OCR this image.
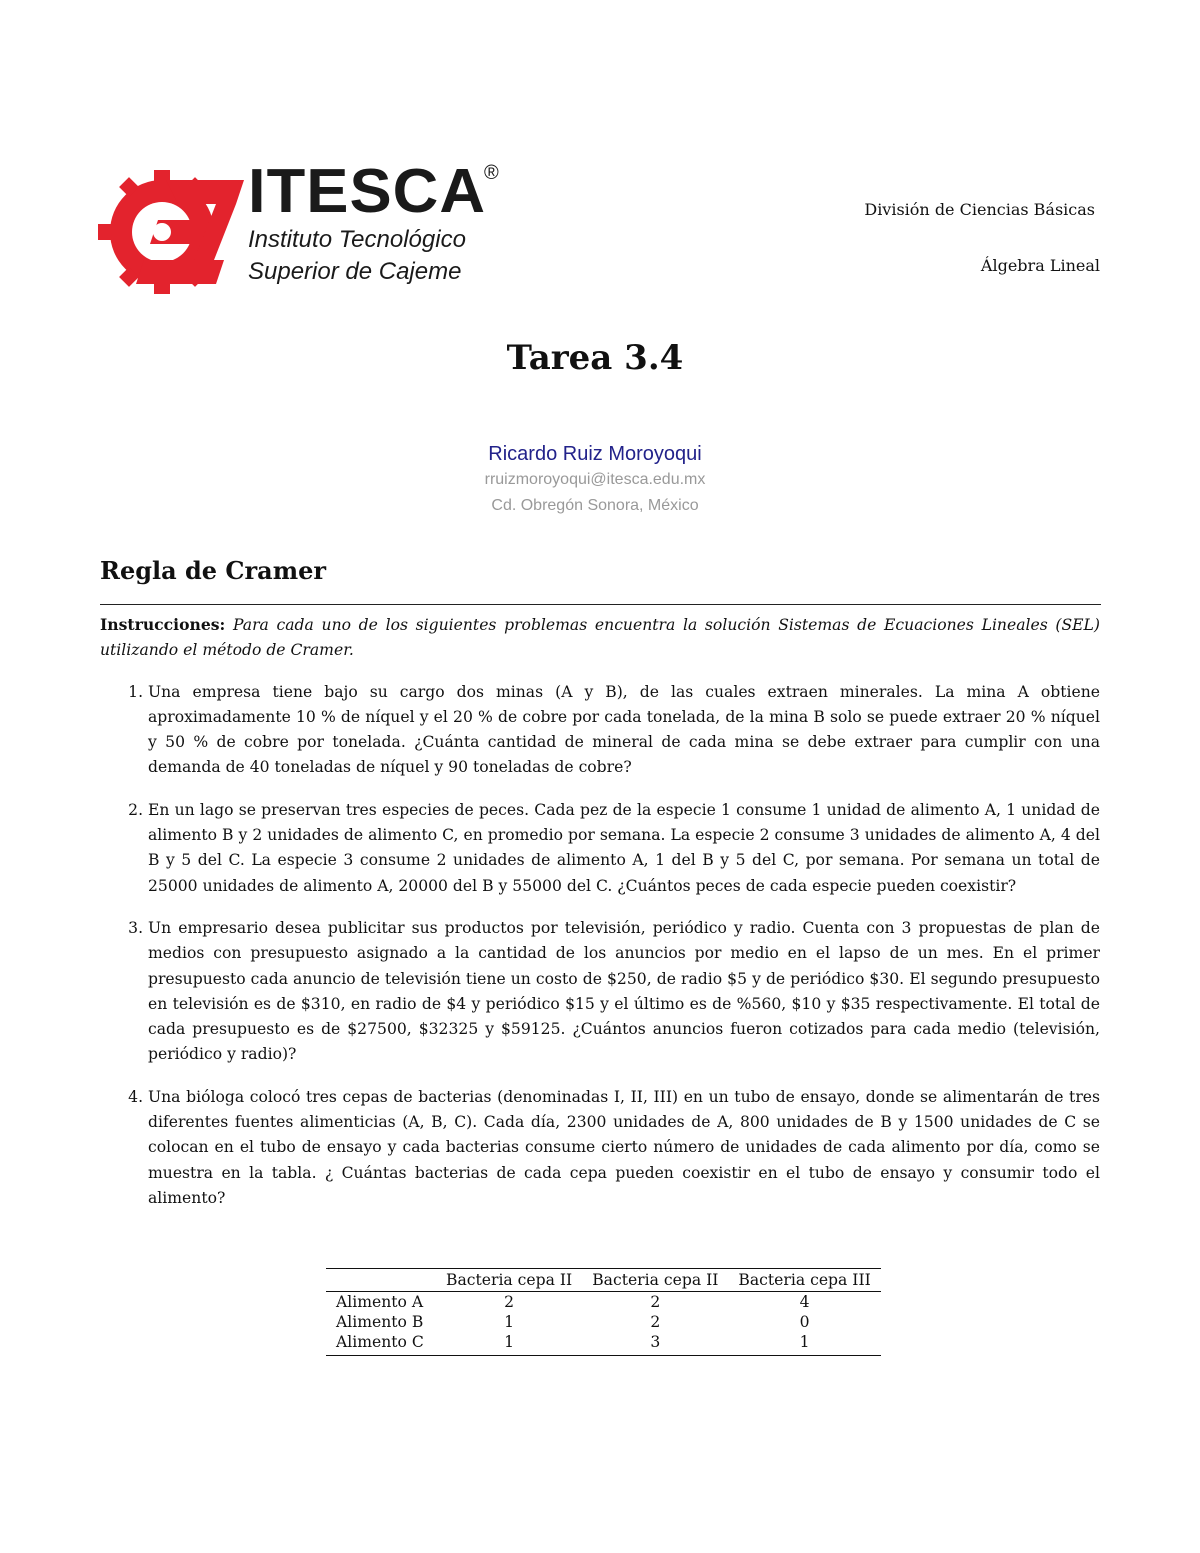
ITESCA
®
Instituto Tecnológico
Superior de Cajeme
División de Ciencias Básicas
Álgebra Lineal
Tarea 3.4
Ricardo Ruiz Moroyoqui
rruizmoroyoqui@itesca.edu.mx
Cd. Obregón Sonora, México
Regla de Cramer

Instrucciones: Para cada uno de los siguientes problemas encuentra la solución Sistemas de Ecuaciones Lineales (SEL) utilizando el método de Cramer.

1. Una empresa tiene bajo su cargo dos minas (A y B), de las cuales extraen minerales. La mina A obtiene aproximadamente 10 % de níquel y el 20 % de cobre por cada tonelada, de la mina B solo se puede extraer 20 % níquel y 50 % de cobre por tonelada. ¿Cuánta cantidad de mineral de cada mina se debe extraer para cumplir con una demanda de 40 toneladas de níquel y 90 toneladas de cobre?
2. En un lago se preservan tres especies de peces. Cada pez de la especie 1 consume 1 unidad de alimento A, 1 unidad de alimento B y 2 unidades de alimento C, en promedio por semana. La especie 2 consume 3 unidades de alimento A, 4 del B y 5 del C. La especie 3 consume 2 unidades de alimento A, 1 del B y 5 del C, por semana. Por semana un total de 25000 unidades de alimento A, 20000 del B y 55000 del C. ¿Cuántos peces de cada especie pueden coexistir?
3. Un empresario desea publicitar sus productos por televisión, periódico y radio. Cuenta con 3 propuestas de plan de medios con presupuesto asignado a la cantidad de los anuncios por medio en el lapso de un mes. En el primer presupuesto cada anuncio de televisión tiene un costo de $250, de radio $5 y de periódico $30. El segundo presupuesto en televisión es de $310, en radio de $4 y periódico $15 y el último es de %560, $10 y $35 respectivamente. El total de cada presupuesto es de $27500, $32325 y $59125. ¿Cuántos anuncios fueron cotizados para cada medio (televisión, periódico y radio)?
4. Una bióloga colocó tres cepas de bacterias (denominadas I, II, III) en un tubo de ensayo, donde se alimentarán de tres diferentes fuentes alimenticias (A, B, C). Cada día, 2300 unidades de A, 800 unidades de B y 1500 unidades de C se colocan en el tubo de ensayo y cada bacterias consume cierto número de unidades de cada alimento por día, como se muestra en la tabla. ¿ Cuántas bacterias de cada cepa pueden coexistir en el tubo de ensayo y consumir todo el alimento?
	Bacteria cepa II	Bacteria cepa II	Bacteria cepa III
Alimento A	2	2	4
Alimento B	1	2	0
Alimento C	1	3	1
